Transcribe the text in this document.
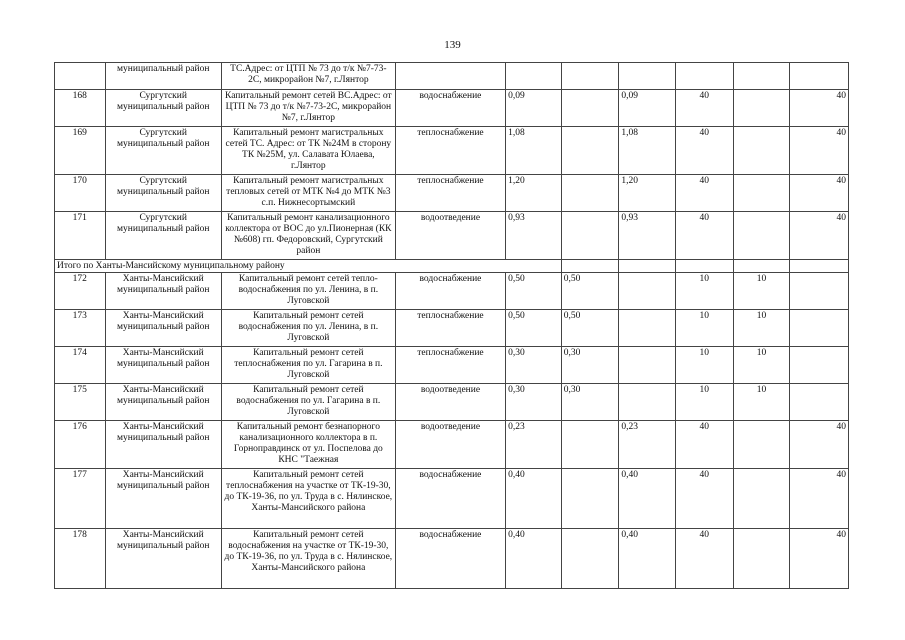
139
	муниципальный район	ТС.Адрес: от ЦТП № 73 до т/к №7-73-2С, микрорайон №7, г.Лянтор							
168	Сургутский муниципальный район	Капитальный ремонт сетей ВС.Адрес: от ЦТП № 73 до т/к №7-73-2С, микрорайон №7, г.Лянтор	водоснабжение	0,09		0,09	40		40
169	Сургутский муниципальный район	Капитальный ремонт магистральных сетей ТС. Адрес: от ТК №24М в сторону ТК №25М, ул. Салавата Юлаева, г.Лянтор	теплоснабжение	1,08		1,08	40		40
170	Сургутский муниципальный район	Капитальный ремонт магистральных тепловых сетей от МТК №4 до МТК №3 с.п. Нижнесортымский	теплоснабжение	1,20		1,20	40		40
171	Сургутский муниципальный район	Капитальный ремонт канализационного коллектора от ВОС до ул.Пионерная (КК №608) гп. Федоровский, Сургутский район	водоотведение	0,93		0,93	40		40
Итого по Ханты-Мансийскому муниципальному району									
172	Ханты-Мансийский муниципальный район	Капитальный ремонт сетей тепло-водоснабжения по ул. Ленина, в п. Луговской	водоснабжение	0,50	0,50		10	10	
173	Ханты-Мансийский муниципальный район	Капитальный ремонт сетей водоснабжения по ул. Ленина, в п. Луговской	теплоснабжение	0,50	0,50		10	10	
174	Ханты-Мансийский муниципальный район	Капитальный ремонт сетей теплоснабжения по ул. Гагарина в п. Луговской	теплоснабжение	0,30	0,30		10	10	
175	Ханты-Мансийский муниципальный район	Капитальный ремонт сетей водоснабжения по ул. Гагарина в п. Луговской	водоотведение	0,30	0,30		10	10	
176	Ханты-Мансийский муниципальный район	Капитальный ремонт безнапорного канализационного коллектора в п. Горноправдинск от ул. Поспелова до КНС "Таежная	водоотведение	0,23		0,23	40		40
177	Ханты-Мансийский муниципальный район	Капитальный ремонт сетей теплоснабжения на участке от ТК-19-30, до ТК-19-36, по ул. Труда в с. Нялинское, Ханты-Мансийского района	водоснабжение	0,40		0,40	40		40
178	Ханты-Мансийский муниципальный район	Капитальный ремонт сетей водоснабжения на участке от ТК-19-30, до ТК-19-36, по ул. Труда в с. Нялинское, Ханты-Мансийского района	водоснабжение	0,40		0,40	40		40
